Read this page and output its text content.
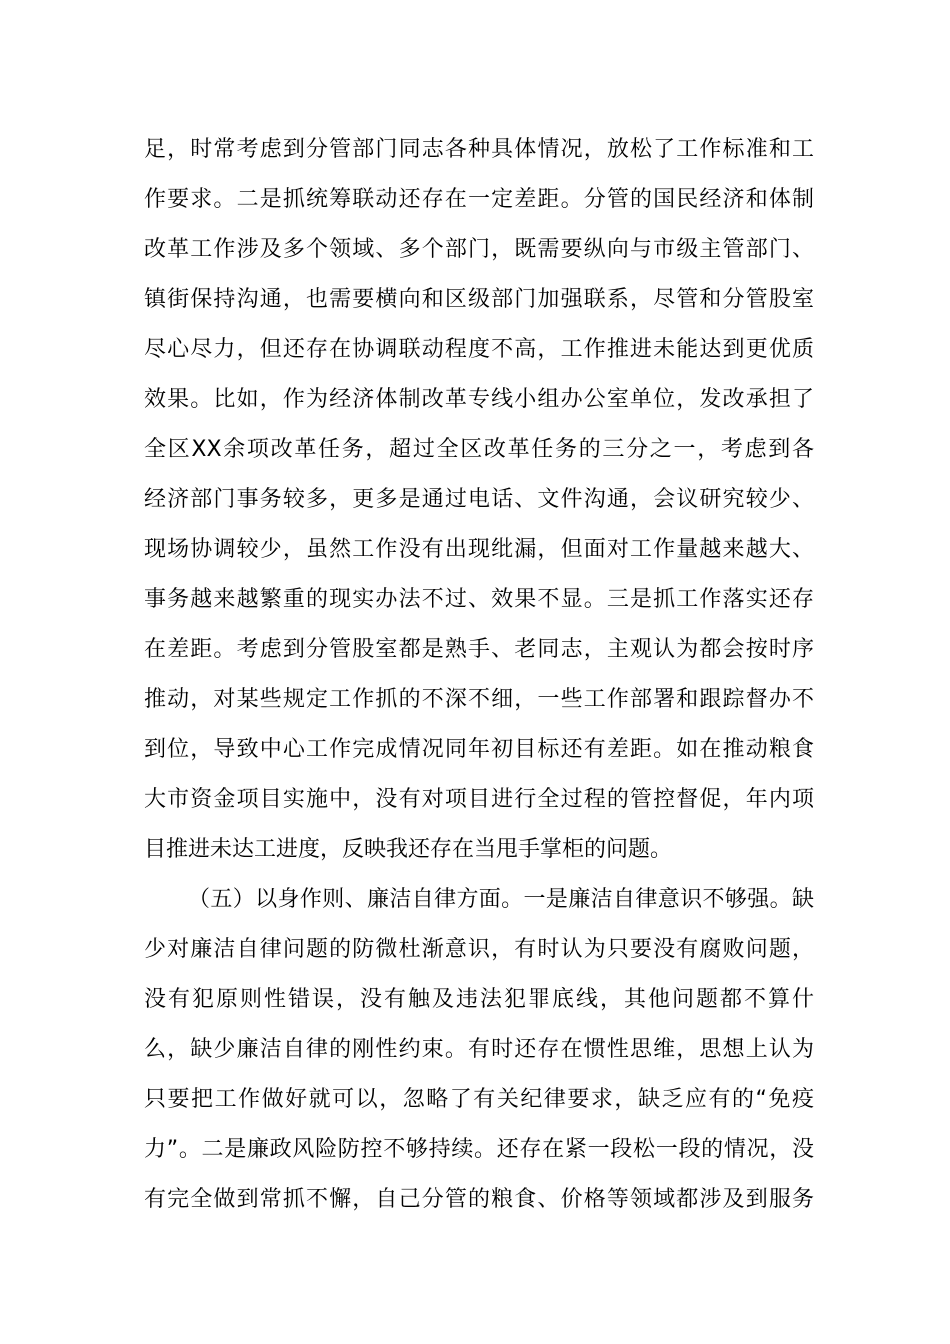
足，时常考虑到分管部门同志各种具体情况，放松了工作标准和工
作要求。二是抓统筹联动还存在一定差距。分管的国民经济和体制
改革工作涉及多个领域、多个部门，既需要纵向与市级主管部门、
镇街保持沟通，也需要横向和区级部门加强联系，尽管和分管股室
尽心尽力，但还存在协调联动程度不高，工作推进未能达到更优质
效果。比如，作为经济体制改革专线小组办公室单位，发改承担了
全区XX余项改革任务，超过全区改革任务的三分之一，考虑到各
经济部门事务较多，更多是通过电话、文件沟通，会议研究较少、
现场协调较少，虽然工作没有出现纰漏，但面对工作量越来越大、
事务越来越繁重的现实办法不过、效果不显。三是抓工作落实还存
在差距。考虑到分管股室都是熟手、老同志，主观认为都会按时序
推动，对某些规定工作抓的不深不细，一些工作部署和跟踪督办不
到位，导致中心工作完成情况同年初目标还有差距。如在推动粮食
大市资金项目实施中，没有对项目进行全过程的管控督促，年内项
目推进未达工进度，反映我还存在当甩手掌柜的问题。
（五）以身作则、廉洁自律方面。一是廉洁自律意识不够强。缺
少对廉洁自律问题的防微杜渐意识，有时认为只要没有腐败问题，
没有犯原则性错误，没有触及违法犯罪底线，其他问题都不算什
么，缺少廉洁自律的刚性约束。有时还存在惯性思维，思想上认为
只要把工作做好就可以，忽略了有关纪律要求，缺乏应有的“免疫
力”。二是廉政风险防控不够持续。还存在紧一段松一段的情况，没
有完全做到常抓不懈，自己分管的粮食、价格等领域都涉及到服务
